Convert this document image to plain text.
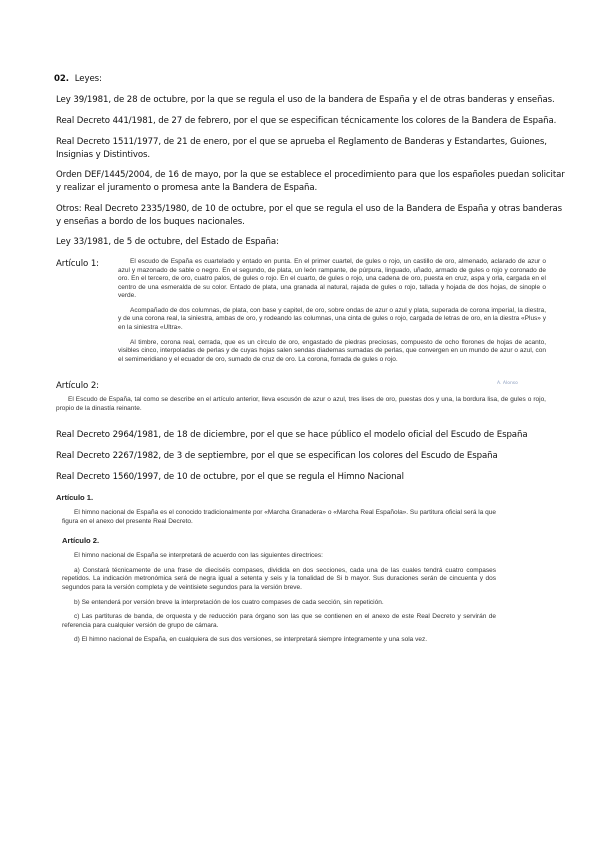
02. Leyes:
Ley 39/1981, de 28 de octubre, por la que se regula el uso de la bandera de España y el de otras banderas y enseñas.
Real Decreto 441/1981, de 27 de febrero, por el que se especifican técnicamente los colores de la Bandera de España.
Real Decreto 1511/1977, de 21 de enero, por el que se aprueba el Reglamento de Banderas y Estandartes, Guiones,
Insignias y Distintivos.
Orden DEF/1445/2004, de 16 de mayo, por la que se establece el procedimiento para que los españoles puedan solicitar
y realizar el juramento o promesa ante la Bandera de España.
Otros: Real Decreto 2335/1980, de 10 de octubre, por el que se regula el uso de la Bandera de España y otras banderas
y enseñas a bordo de los buques nacionales.
Ley 33/1981, de 5 de octubre, del Estado de España:
Artículo 1:	El escudo de España es cuartelado y entado en punta. En el primer cuartel, de gules o rojo, un castillo de oro, almenado, aclarado de azur o azul y mazonado de sable o negro. En el segundo, de plata, un león rampante, de púrpura, linguado, uñado, armado de gules o rojo y coronado de oro. En el tercero, de oro, cuatro palos, de gules o rojo. En el cuarto, de gules o rojo, una cadena de oro, puesta en cruz, aspa y orla, cargada en el centro de una esmeralda de su color. Entado de plata, una granada al natural, rajada de gules o rojo, tallada y hojada de dos hojas, de sinople o verde.

Acompañado de dos columnas, de plata, con base y capitel, de oro, sobre ondas de azur o azul y plata, superada de corona imperial, la diestra, y de una corona real, la siniestra, ambas de oro, y rodeando las columnas, una cinta de gules o rojo, cargada de letras de oro, en la diestra «Plus» y en la siniestra «Ultra».

Al timbre, corona real, cerrada, que es un círculo de oro, engastado de piedras preciosas, compuesto de ocho florones de hojas de acanto, visibles cinco, interpoladas de perlas y de cuyas hojas salen sendas diademas sumadas de perlas, que convergen en un mundo de azur o azul, con el semimeridiano y el ecuador de oro, sumado de cruz de oro. La corona, forrada de gules o rojo.

Artículo 2:	A. Alonso

El Escudo de España, tal como se describe en el artículo anterior, lleva escusón de azur o azul, tres lises de oro, puestas dos y una, la bordura lisa, de gules o rojo, propio de la dinastía reinante.

Real Decreto 2964/1981, de 18 de diciembre, por el que se hace público el modelo oficial del Escudo de España
Real Decreto 2267/1982, de 3 de septiembre, por el que se especifican los colores del Escudo de España
Real Decreto 1560/1997, de 10 de octubre, por el que se regula el Himno Nacional
Artículo 1.

El himno nacional de España es el conocido tradicionalmente por «Marcha Granadera» o «Marcha Real Española». Su partitura oficial será la que figura en el anexo del presente Real Decreto.

Artículo 2.

El himno nacional de España se interpretará de acuerdo con las siguientes directrices:

a) Constará técnicamente de una frase de dieciséis compases, dividida en dos secciones, cada una de las cuales tendrá cuatro compases repetidos. La indicación metronómica será de negra igual a setenta y seis y la tonalidad de Si b mayor. Sus duraciones serán de cincuenta y dos segundos para la versión completa y de veintisiete segundos para la versión breve.

b) Se entenderá por versión breve la interpretación de los cuatro compases de cada sección, sin repetición.

c) Las partituras de banda, de orquesta y de reducción para órgano son las que se contienen en el anexo de este Real Decreto y servirán de referencia para cualquier versión de grupo de cámara.

d) El himno nacional de España, en cualquiera de sus dos versiones, se interpretará siempre íntegramente y una sola vez.
